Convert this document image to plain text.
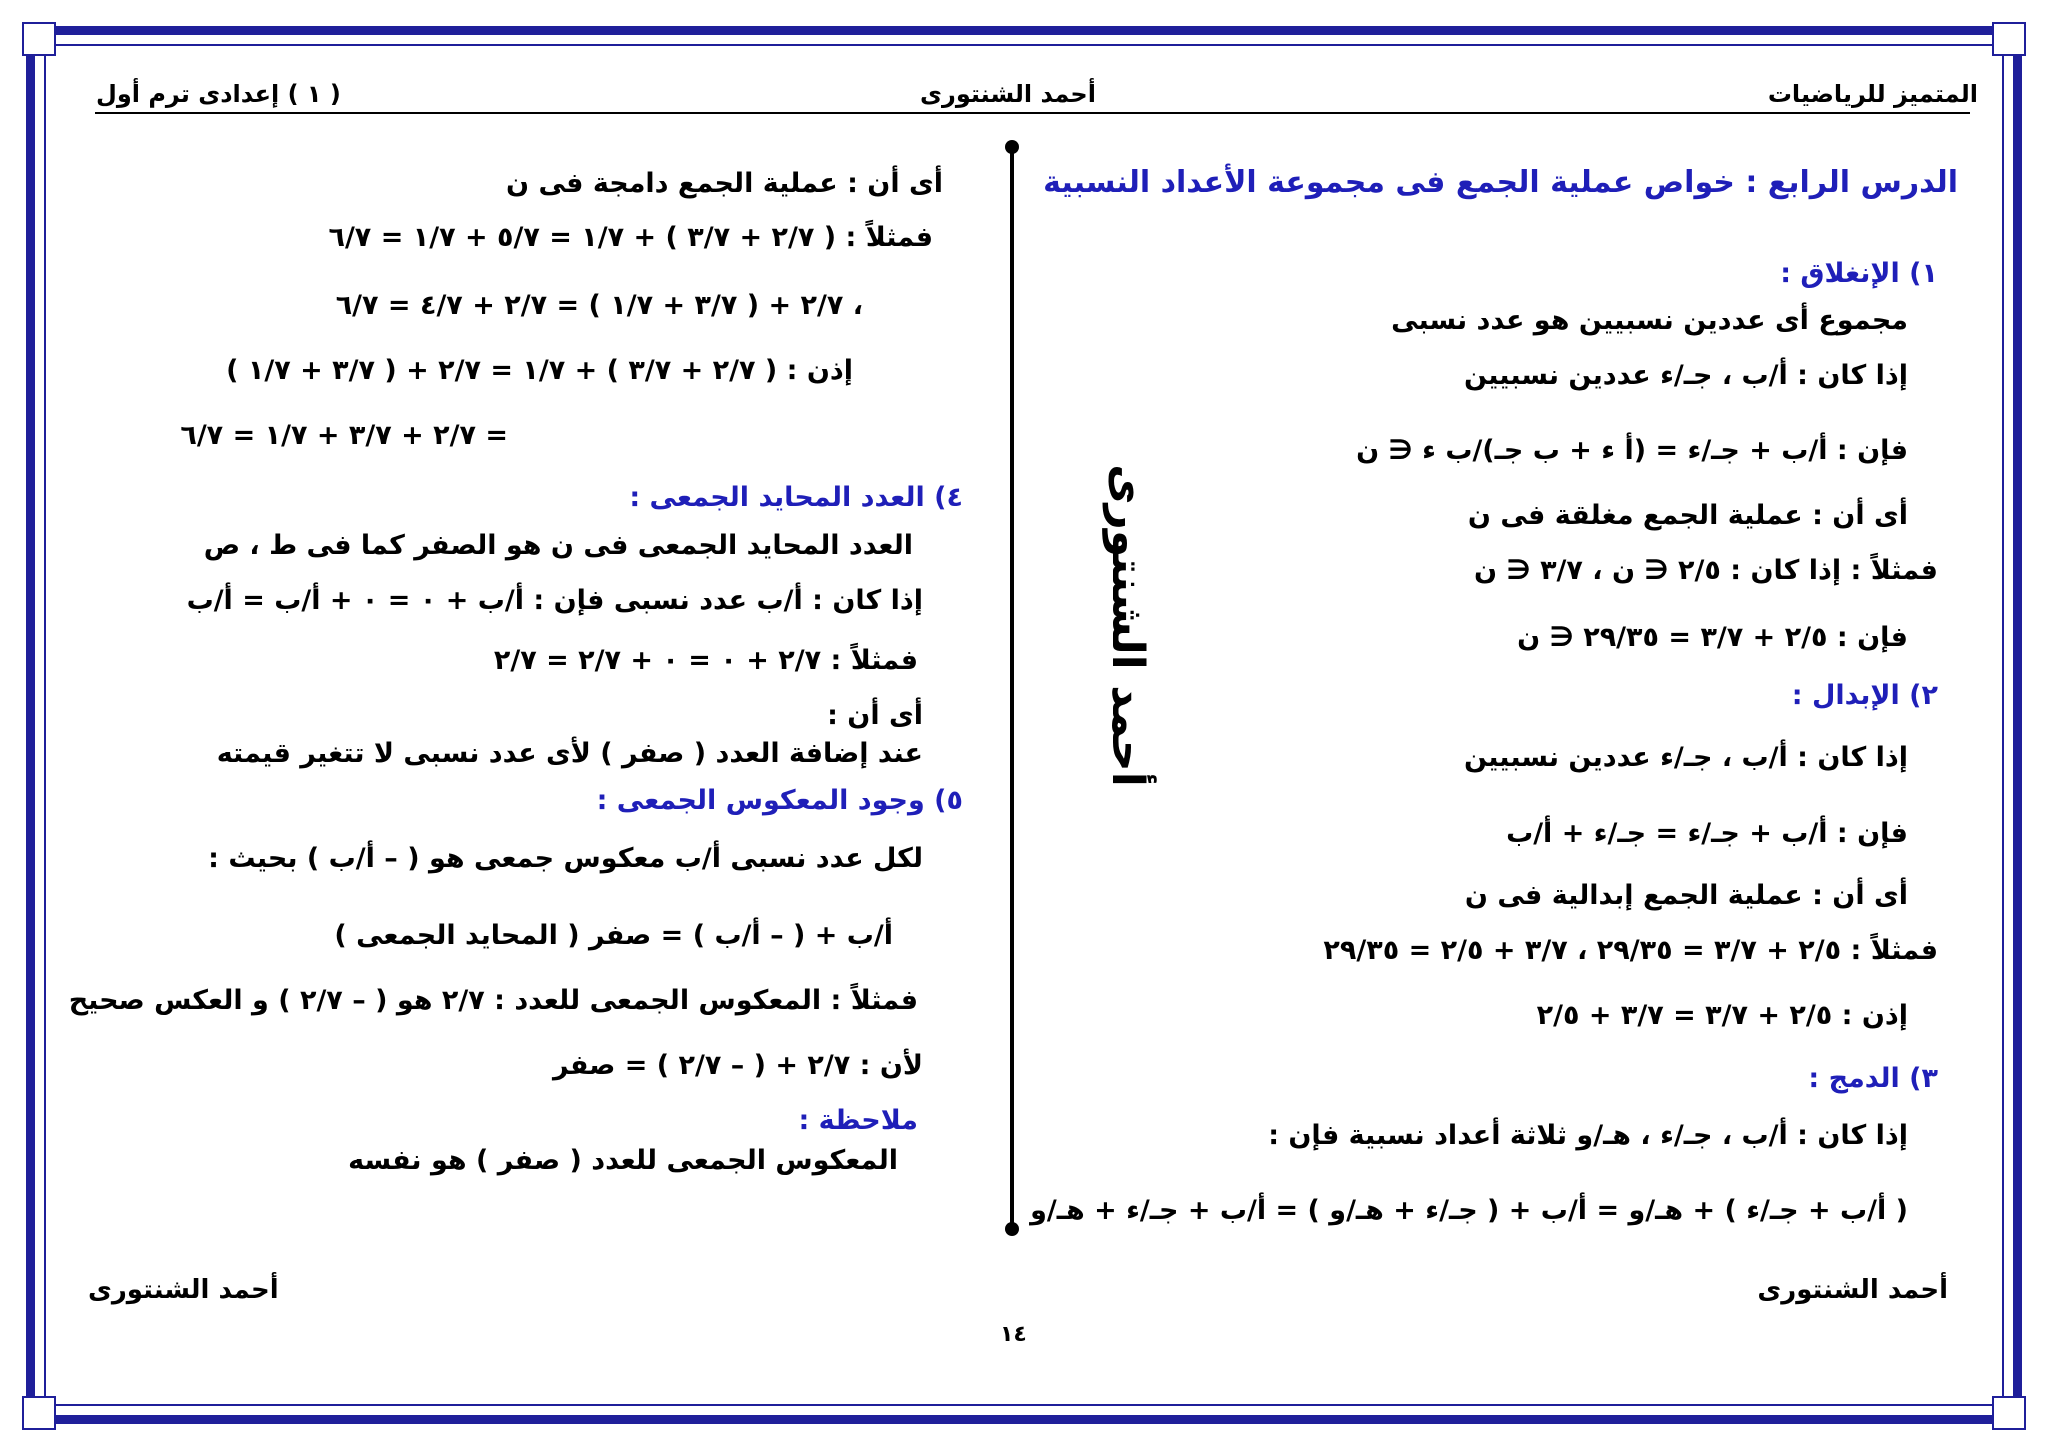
المتميز للرياضيات
أحمد الشنتورى
( ١ ) إعدادى ترم أول
أحمد الشنتورى
الدرس الرابع : خواص عملية الجمع فى مجموعة الأعداد النسبية
١) الإنغلاق :
مجموع أى عددين نسبيين هو عدد نسبى
إذا كان : أ/ب ، جـ/ء عددين نسبيين
فإن : أ/ب + جـ/ء = (أ ء + ب جـ)/ب ء ∈ ن
أى أن : عملية الجمع مغلقة فى ن
فمثلاً : إذا كان : ٢/٥ ∈ ن ، ٣/٧ ∈ ن
فإن : ٢/٥ + ٣/٧ = ٢٩/٣٥ ∈ ن
٢) الإبدال :
إذا كان : أ/ب ، جـ/ء عددين نسبيين
فإن : أ/ب + جـ/ء = جـ/ء + أ/ب
أى أن : عملية الجمع إبدالية فى ن
فمثلاً : ٢/٥ + ٣/٧ = ٢٩/٣٥ ، ٣/٧ + ٢/٥ = ٢٩/٣٥
إذن : ٢/٥ + ٣/٧ = ٣/٧ + ٢/٥
٣) الدمج :
إذا كان : أ/ب ، جـ/ء ، هـ/و ثلاثة أعداد نسبية فإن :
( أ/ب + جـ/ء ) + هـ/و = أ/ب + ( جـ/ء + هـ/و ) = أ/ب + جـ/ء + هـ/و
أى أن : عملية الجمع دامجة فى ن
فمثلاً : ( ٢/٧ + ٣/٧ ) + ١/٧ = ٥/٧ + ١/٧ = ٦/٧
، ٢/٧ + ( ٣/٧ + ١/٧ ) = ٢/٧ + ٤/٧ = ٦/٧
إذن : ( ٢/٧ + ٣/٧ ) + ١/٧ = ٢/٧ + ( ٣/٧ + ١/٧ )
= ٢/٧ + ٣/٧ + ١/٧ = ٦/٧
٤) العدد المحايد الجمعى :
العدد المحايد الجمعى فى ن هو الصفر كما فى ط ، ص
إذا كان : أ/ب عدد نسبى فإن : أ/ب + ٠ = ٠ + أ/ب = أ/ب
فمثلاً : ٢/٧ + ٠ = ٠ + ٢/٧ = ٢/٧
أى أن :
عند إضافة العدد ( صفر ) لأى عدد نسبى لا تتغير قيمته
٥) وجود المعكوس الجمعى :
لكل عدد نسبى أ/ب معكوس جمعى هو ( – أ/ب ) بحيث :
أ/ب + ( – أ/ب ) = صفر ( المحايد الجمعى )
فمثلاً : المعكوس الجمعى للعدد : ٢/٧ هو ( – ٢/٧ ) و العكس صحيح
لأن : ٢/٧ + ( – ٢/٧ ) = صفر
ملاحظة :
المعكوس الجمعى للعدد ( صفر ) هو نفسه
أحمد الشنتورى
أحمد الشنتورى
١٤
